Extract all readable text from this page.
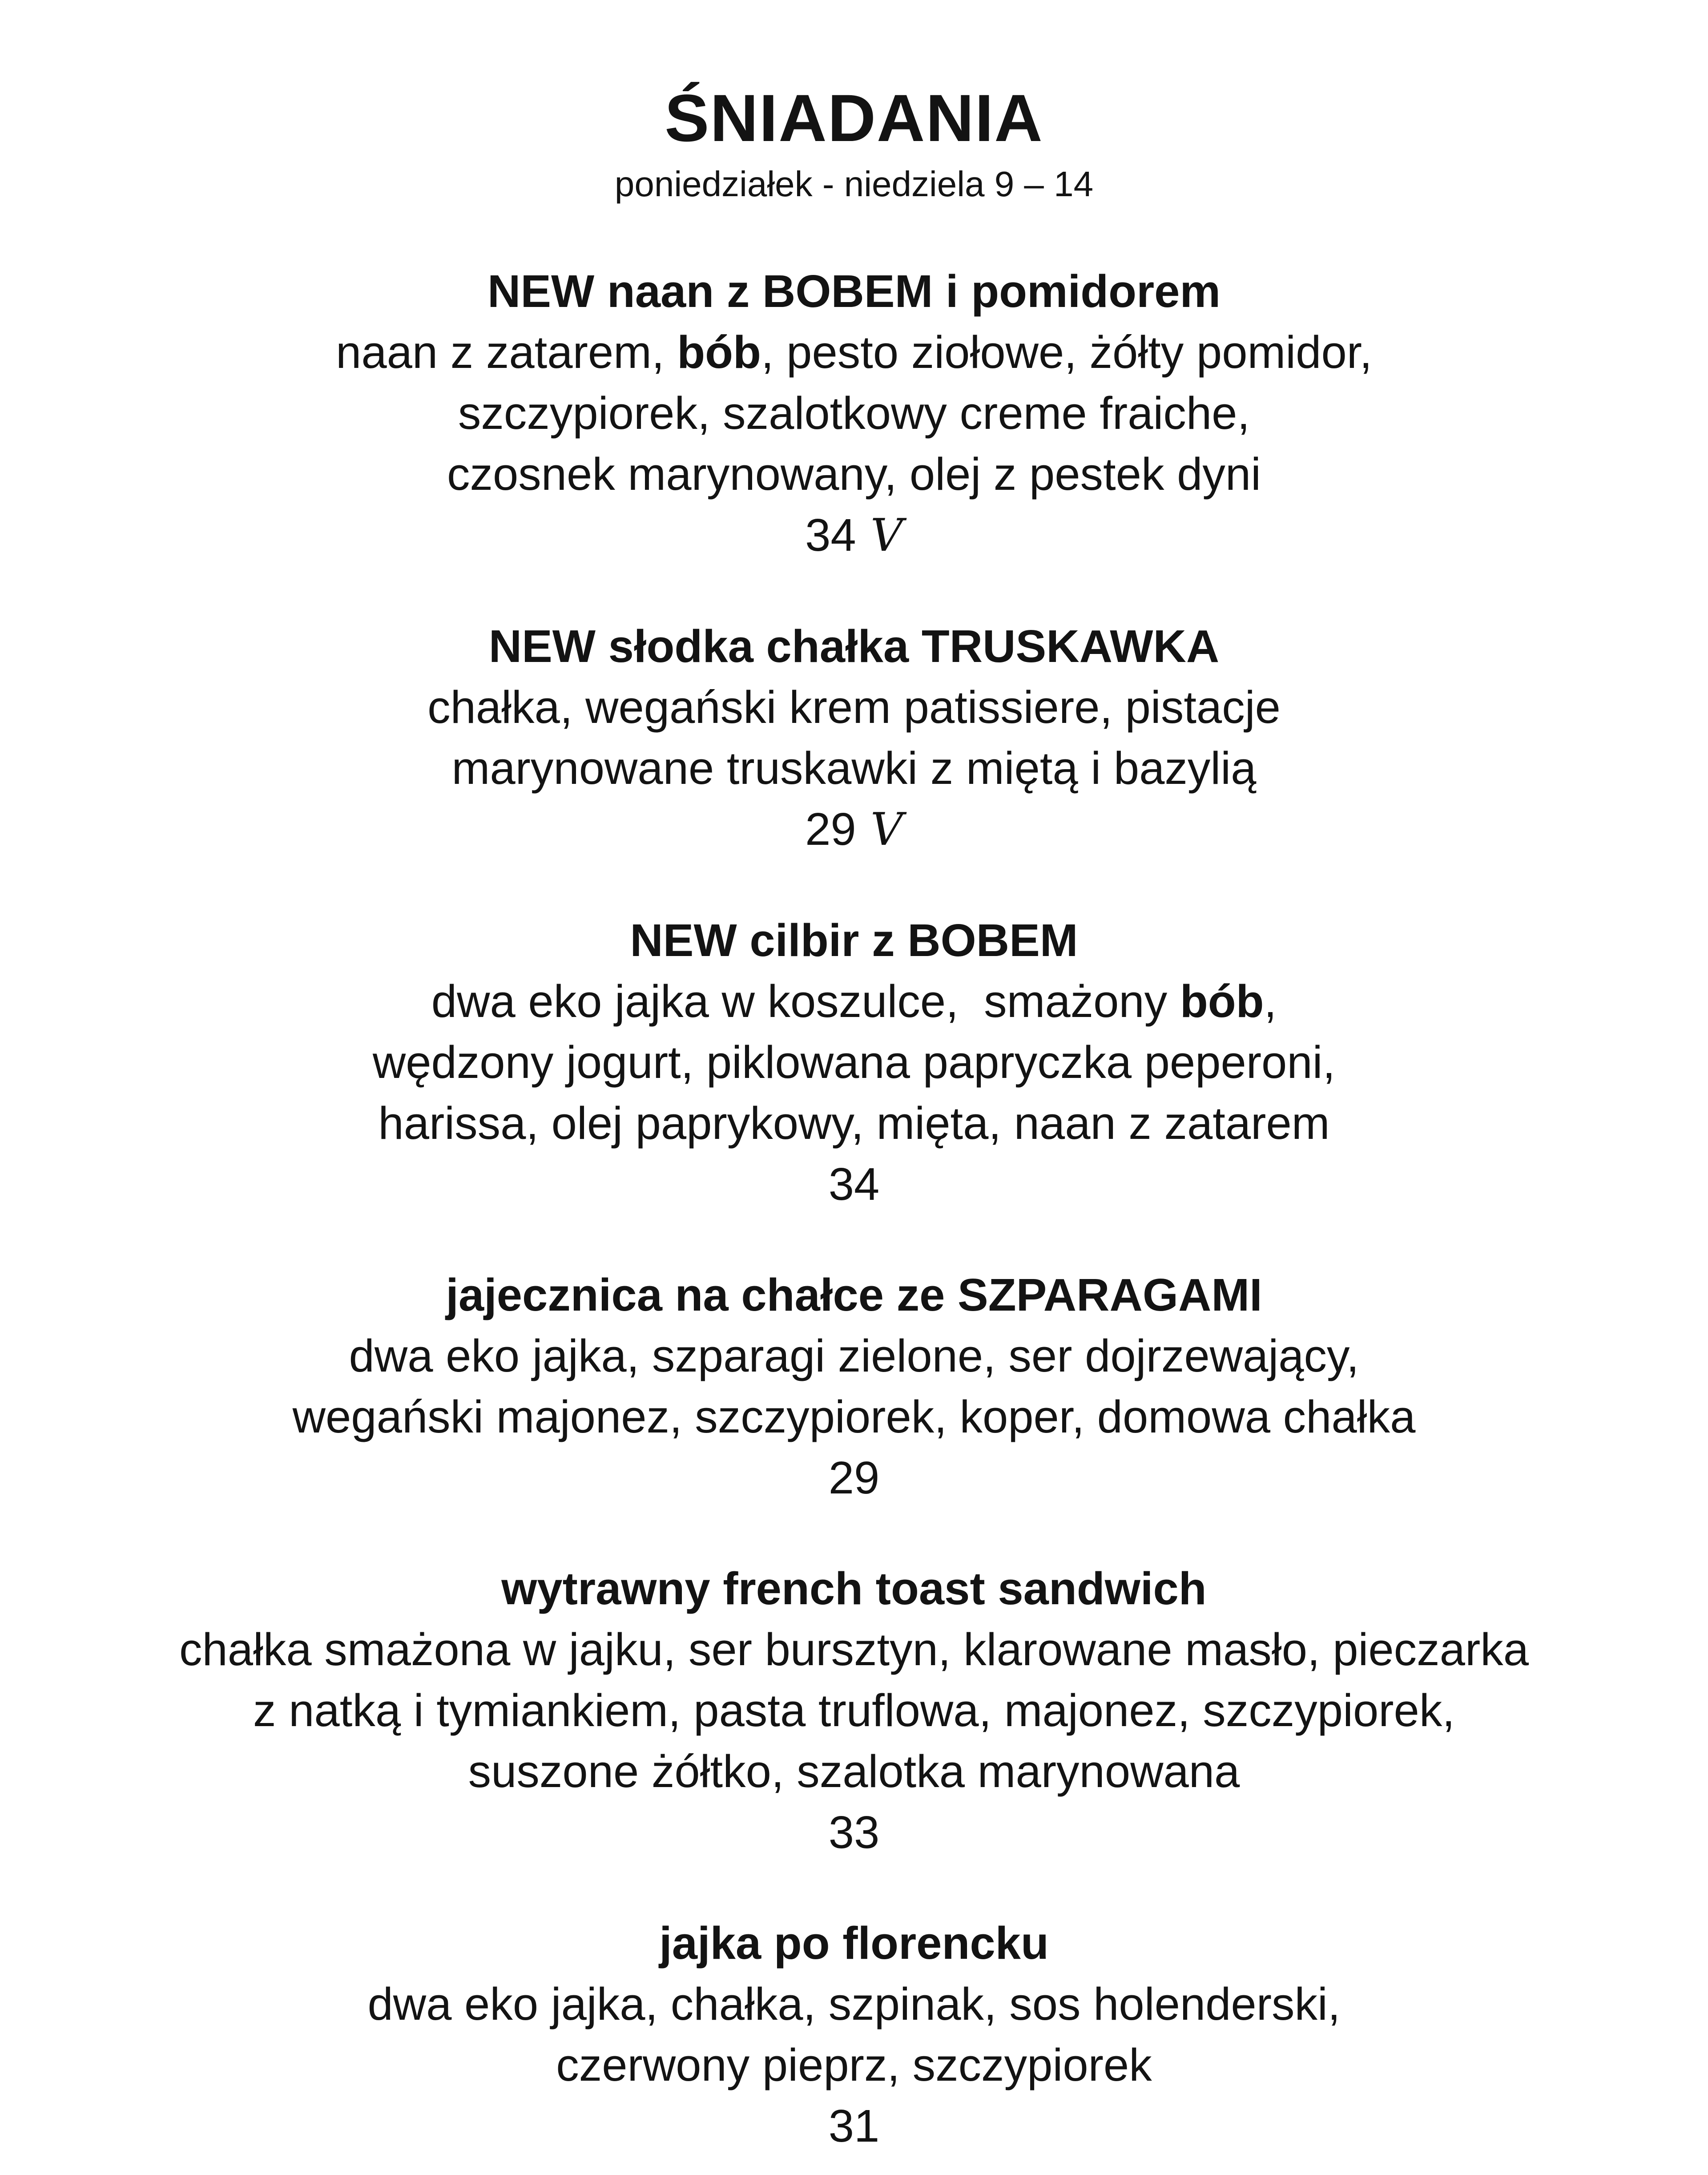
ŚNIADANIA
poniedziałek - niedziela 9 – 14
NEW naan z BOBEM i pomidorem
naan z zatarem, bób, pesto ziołowe, żółty pomidor,
szczypiorek, szalotkowy creme fraiche,
czosnek marynowany, olej z pestek dyni
34 V
NEW słodka chałka TRUSKAWKA
chałka, wegański krem patissiere, pistacje
marynowane truskawki z miętą i bazylią
29 V
NEW cilbir z BOBEM
dwa eko jajka w koszulce,  smażony bób,
wędzony jogurt, piklowana papryczka peperoni,
harissa, olej paprykowy, mięta, naan z zatarem
34
jajecznica na chałce ze SZPARAGAMI
dwa eko jajka, szparagi zielone, ser dojrzewający,
wegański majonez, szczypiorek, koper, domowa chałka
29
wytrawny french toast sandwich
chałka smażona w jajku, ser bursztyn, klarowane masło, pieczarka
z natką i tymiankiem, pasta truflowa, majonez, szczypiorek,
suszone żółtko, szalotka marynowana
33
jajka po florencku
dwa eko jajka, chałka, szpinak, sos holenderski,
czerwony pieprz, szczypiorek
31
